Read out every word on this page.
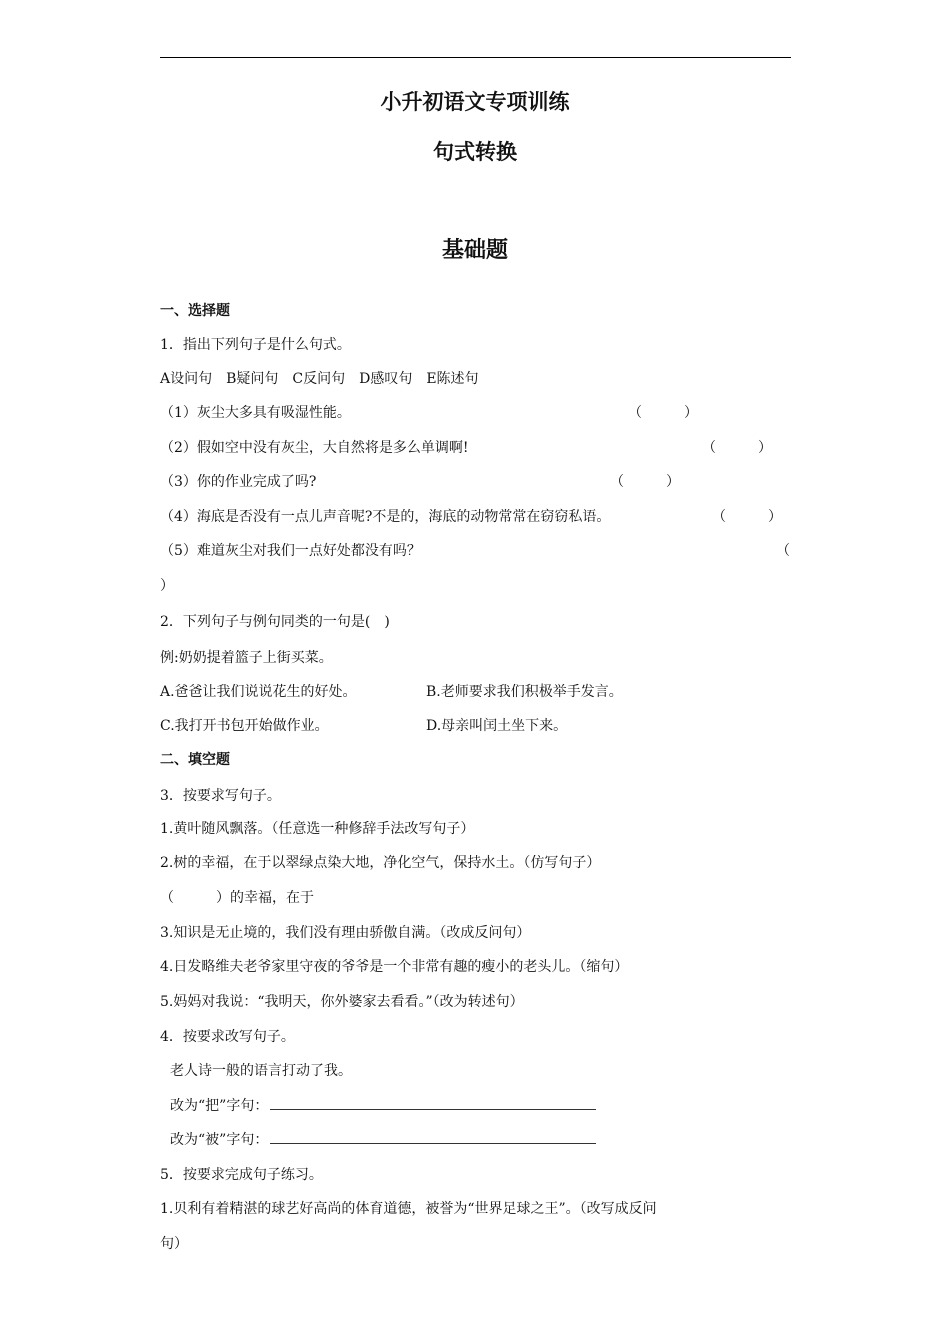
小升初语文专项训练
句式转换
基础题
一、选择题
1．指出下列句子是什么句式。
A设问句　B疑问句　C反问句　D感叹句　E陈述句
（1）灰尘大多具有吸湿性能。	（　　　）
（2）假如空中没有灰尘，大自然将是多么单调啊!	（　　　）
（3）你的作业完成了吗?	（　　　）
（4）海底是否没有一点儿声音呢?不是的，海底的动物常常在窃窃私语。	（　　　）
（5）难道灰尘对我们一点好处都没有吗？	（
）
2．下列句子与例句同类的一句是(　)
例:奶奶提着篮子上街买菜。
A.爸爸让我们说说花生的好处。	B.老师要求我们积极举手发言。
C.我打开书包开始做作业。	D.母亲叫闰土坐下来。
二、填空题
3．按要求写句子。
1.黄叶随风飘落。（任意选一种修辞手法改写句子）
2.树的幸福，在于以翠绿点染大地，净化空气，保持水土。（仿写句子）
（　　　）的幸福，在于
3.知识是无止境的，我们没有理由骄傲自满。（改成反问句）
4.日发略维夫老爷家里守夜的爷爷是一个非常有趣的瘦小的老头儿。（缩句）
5.妈妈对我说：“我明天，你外婆家去看看。”（改为转述句）
4．按要求改写句子。
老人诗一般的语言打动了我。
改为“把”字句：
改为“被”字句：
5．按要求完成句子练习。
1.贝利有着精湛的球艺好高尚的体育道德，被誉为“世界足球之王”。（改写成反问
句）
